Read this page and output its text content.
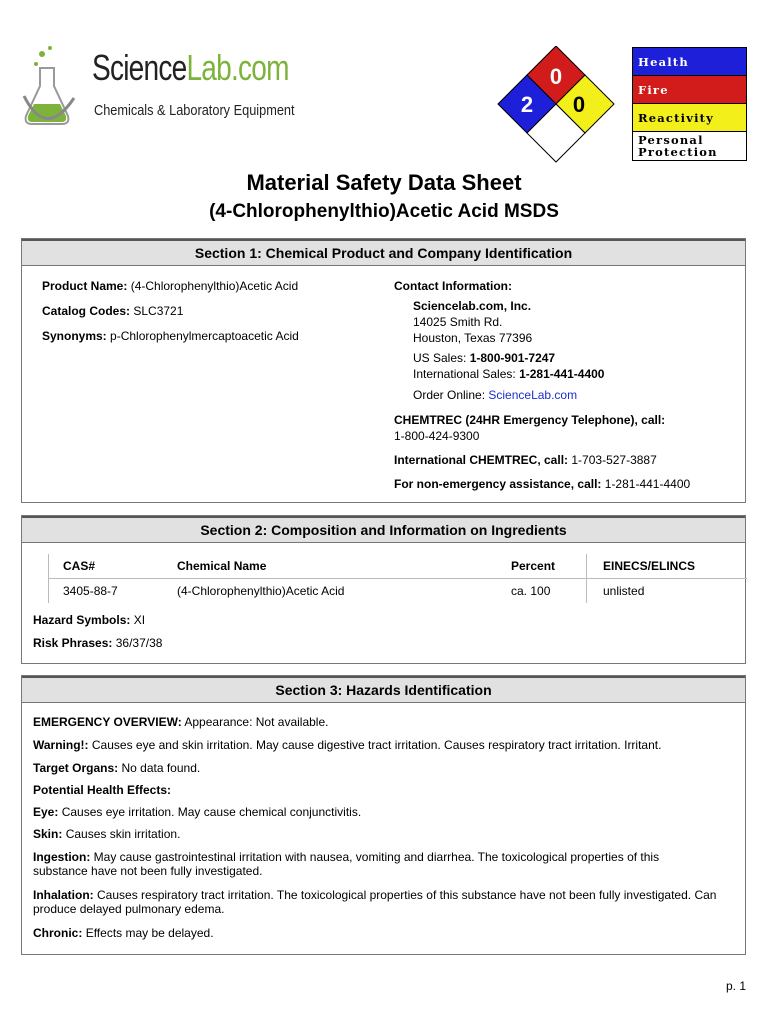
ScienceLab.com
Chemicals & Laboratory Equipment
0
2 0
Health
Fire
Reactivity
Personal
Protection
Material Safety Data Sheet
(4-Chlorophenylthio)Acetic Acid MSDS
Section 1: Chemical Product and Company Identification
Product Name: (4-Chlorophenylthio)Acetic Acid
Catalog Codes: SLC3721
Synonyms: p-Chlorophenylmercaptoacetic Acid
Contact Information:
Sciencelab.com, Inc.
14025 Smith Rd.
Houston, Texas 77396
US Sales: 1-800-901-7247
International Sales: 1-281-441-4400
Order Online: ScienceLab.com
CHEMTREC (24HR Emergency Telephone), call:
1-800-424-9300
International CHEMTREC, call: 1-703-527-3887
For non-emergency assistance, call: 1-281-441-4400
Section 2: Composition and Information on Ingredients
CAS#	Chemical Name	Percent	EINECS/ELINCS
3405-88-7	(4-Chlorophenylthio)Acetic Acid	ca. 100	unlisted
Hazard Symbols: XI
Risk Phrases: 36/37/38
Section 3: Hazards Identification
EMERGENCY OVERVIEW: Appearance: Not available.
Warning!: Causes eye and skin irritation. May cause digestive tract irritation. Causes respiratory tract irritation. Irritant.
Target Organs: No data found.
Potential Health Effects:
Eye: Causes eye irritation. May cause chemical conjunctivitis.
Skin: Causes skin irritation.
Ingestion: May cause gastrointestinal irritation with nausea, vomiting and diarrhea. The toxicological properties of this substance have not been fully investigated.
Inhalation: Causes respiratory tract irritation. The toxicological properties of this substance have not been fully investigated. Can produce delayed pulmonary edema.
Chronic: Effects may be delayed.
p. 1
